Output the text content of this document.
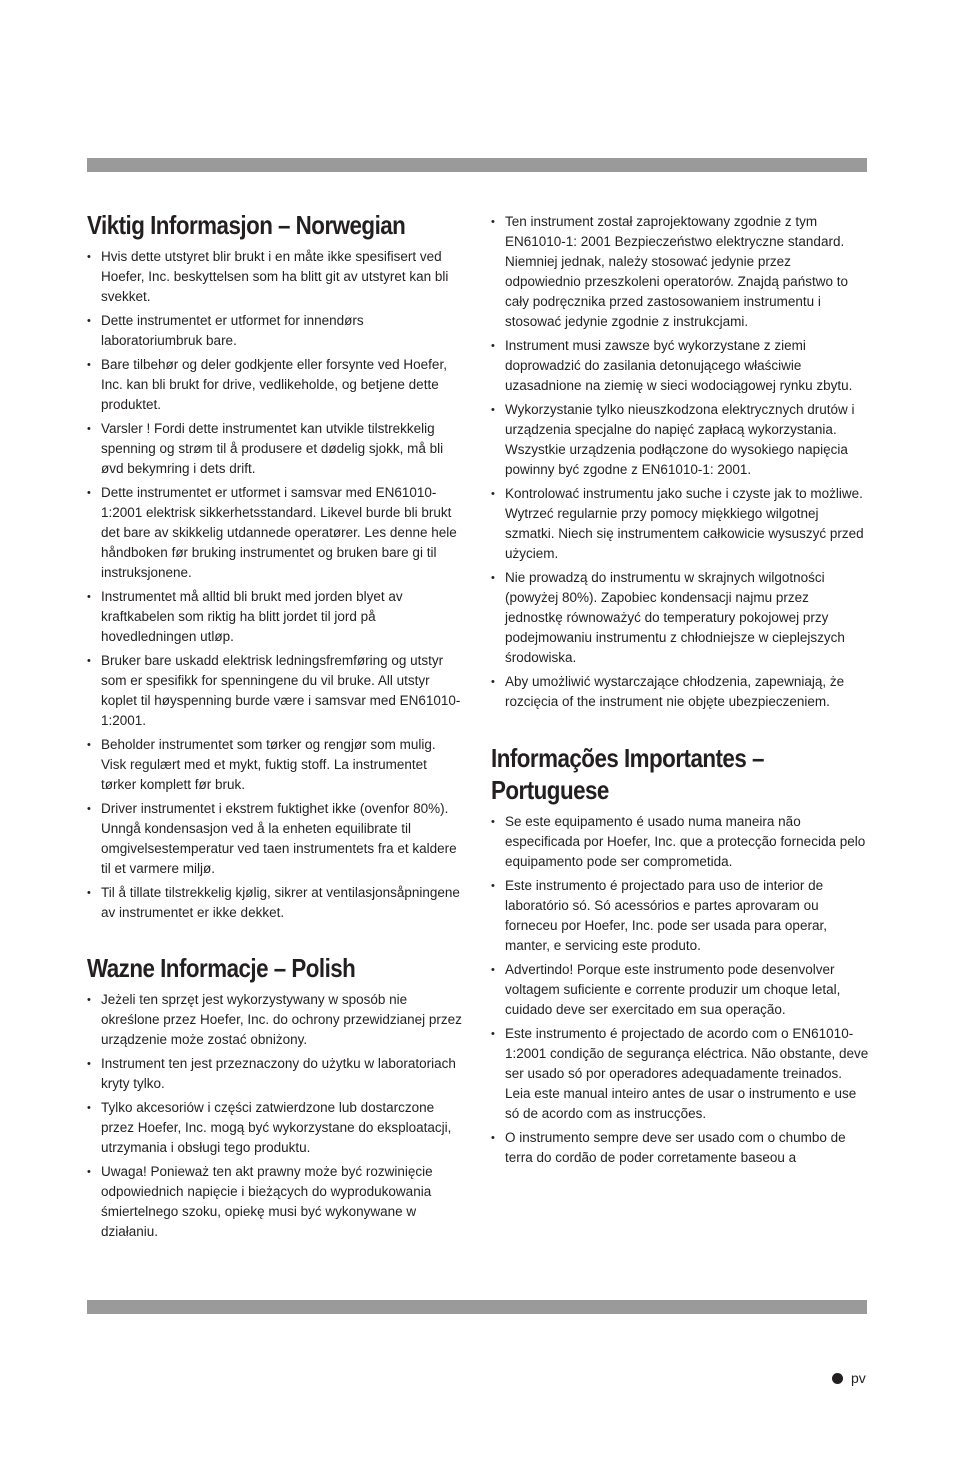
Viktig Informasjon – Norwegian
• Hvis dette utstyret blir brukt i en måte ikke spesifisert ved Hoefer, Inc. beskyttelsen som ha blitt git av utstyret kan bli svekket.
• Dette instrumentet er utformet for innendørs laboratoriumbruk bare.
• Bare tilbehør og deler godkjente eller forsynte ved Hoefer, Inc. kan bli brukt for drive, vedlikeholde, og betjene dette produktet.
• Varsler ! Fordi dette instrumentet kan utvikle tilstrekkelig spenning og strøm til å produsere et dødelig sjokk, må bli øvd bekymring i dets drift.
• Dette instrumentet er utformet i samsvar med EN61010-1:2001 elektrisk sikkerhetsstandard. Likevel burde bli brukt det bare av skikkelig utdannede operatører. Les denne hele håndboken før bruking instrumentet og bruken bare gi til instruksjonene.
• Instrumentet må alltid bli brukt med jorden blyet av kraftkabelen som riktig ha blitt jordet til jord på hovedledningen utløp.
• Bruker bare uskadd elektrisk ledningsfremføring og utstyr som er spesifikk for spenningene du vil bruke. All utstyr koplet til høyspenning burde være i samsvar med EN61010-1:2001.
• Beholder instrumentet som tørker og rengjør som mulig. Visk regulært med et mykt, fuktig stoff. La instrumentet tørker komplett før bruk.
• Driver instrumentet i ekstrem fuktighet ikke (ovenfor 80%). Unngå kondensasjon ved å la enheten equilibrate til omgivelsestemperatur ved taen instrumentets fra et kaldere til et varmere miljø.
• Til å tillate tilstrekkelig kjølig, sikrer at ventilasjonsåpningene av instrumentet er ikke dekket.
Wazne Informacje – Polish
• Jeżeli ten sprzęt jest wykorzystywany w sposób nie określone przez Hoefer, Inc. do ochrony przewidzianej przez urządzenie może zostać obniżony.
• Instrument ten jest przeznaczony do użytku w laboratoriach kryty tylko.
• Tylko akcesoriów i części zatwierdzone lub dostarczone przez Hoefer, Inc. mogą być wykorzystane do eksploatacji, utrzymania i obsługi tego produktu.
• Uwaga! Ponieważ ten akt prawny może być rozwinięcie odpowiednich napięcie i bieżących do wyprodukowania śmiertelnego szoku, opiekę musi być wykonywane w działaniu.
• Ten instrument został zaprojektowany zgodnie z tym EN61010-1: 2001 Bezpieczeństwo elektryczne standard. Niemniej jednak, należy stosować jedynie przez odpowiednio przeszkoleni operatorów. Znajdą państwo to cały podręcznika przed zastosowaniem instrumentu i stosować jedynie zgodnie z instrukcjami.
• Instrument musi zawsze być wykorzystane z ziemi doprowadzić do zasilania detonującego właściwie uzasadnione na ziemię w sieci wodociągowej rynku zbytu.
• Wykorzystanie tylko nieuszkodzona elektrycznych drutów i urządzenia specjalne do napięć zapłacą wykorzystania. Wszystkie urządzenia podłączone do wysokiego napięcia powinny być zgodne z EN61010-1: 2001.
• Kontrolować instrumentu jako suche i czyste jak to możliwe. Wytrzeć regularnie przy pomocy miękkiego wilgotnej szmatki. Niech się instrumentem całkowicie wysuszyć przed użyciem.
• Nie prowadzą do instrumentu w skrajnych wilgotności (powyżej 80%). Zapobiec kondensacji najmu przez jednostkę równoważyć do temperatury pokojowej przy podejmowaniu instrumentu z chłodniejsze w cieplejszych środowiska.
• Aby umożliwić wystarczające chłodzenia, zapewniają, że rozcięcia of the instrument nie objęte ubezpieczeniem.
Informações Importantes –
Portuguese
• Se este equipamento é usado numa maneira não especificada por Hoefer, Inc. que a protecção fornecida pelo equipamento pode ser comprometida.
• Este instrumento é projectado para uso de interior de laboratório só. Só acessórios e partes aprovaram ou forneceu por Hoefer, Inc. pode ser usada para operar, manter, e servicing este produto.
• Advertindo! Porque este instrumento pode desenvolver voltagem suficiente e corrente produzir um choque letal, cuidado deve ser exercitado em sua operação.
• Este instrumento é projectado de acordo com o EN61010-1:2001 condição de segurança eléctrica. Não obstante, deve ser usado só por operadores adequadamente treinados. Leia este manual inteiro antes de usar o instrumento e use só de acordo com as instrucções.
• O instrumento sempre deve ser usado com o chumbo de terra do cordão de poder corretamente baseou a
pv
